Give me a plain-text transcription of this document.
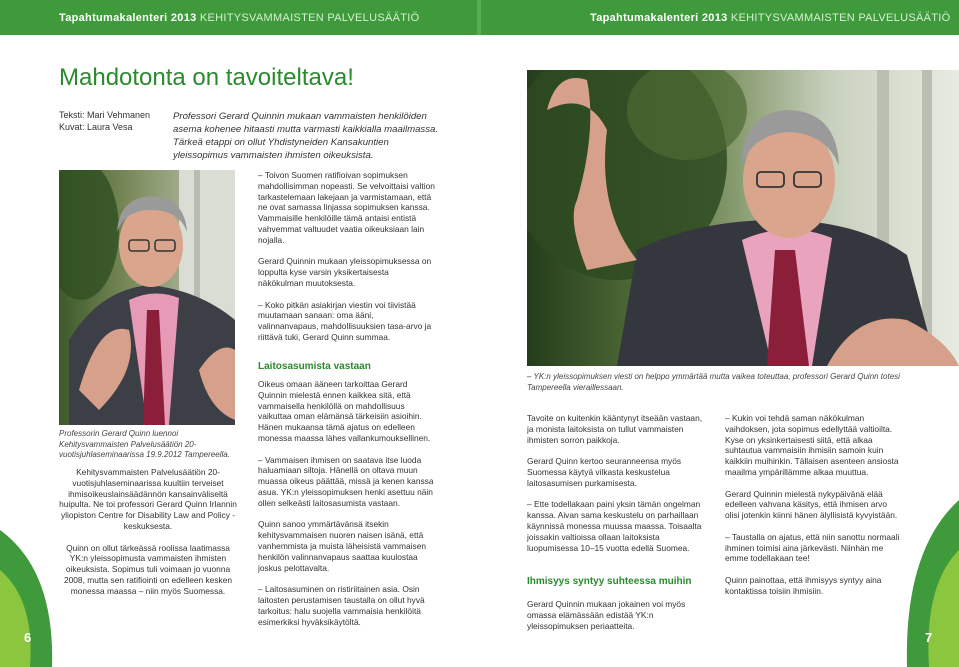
Tapahtumakalenteri 2013 KEHITYSVAMMAISTEN PALVELUSÄÄTIÖ	Tapahtumakalenteri 2013 KEHITYSVAMMAISTEN PALVELUSÄÄTIÖ
Mahdotonta on tavoiteltava!
Teksti: Mari Vehmanen
Kuvat: Laura Vesa
Professori Gerard Quinnin mukaan vammaisten henkilöiden asema kohenee hitaasti mutta varmasti kaikkialla maailmassa. Tärkeä etappi on ollut Yhdistyneiden Kansakuntien yleissopimus vammaisten ihmisten oikeuksista.
Professorin Gerard Quinn luennoi Kehitysvammaisten Palvelusäätiön 20-vuotisjuhlaseminaarissa 19.9.2012 Tampereella.

Kehitysvammaisten Palvelusäätiön 20-vuotisjuhlaseminaarissa kuultiin terveiset ihmisoikeuslainsäädännön kansainväliseltä huipulta. Ne toi professori Gerard Quinn Irlannin yliopiston Centre for Disability Law and Policy -keskuksesta.

Quinn on ollut tärkeässä roolissa laatimassa YK:n yleissopimusta vammaisten ihmisten oikeuksista. Sopimus tuli voimaan jo vuonna 2008, mutta sen ratifiointi on edelleen kesken monessa maassa – niin myös Suomessa.

– Toivon Suomen ratifioivan sopimuksen mahdollisimman nopeasti. Se velvoittaisi valtion tarkastelemaan lakejaan ja varmistamaan, että ne ovat samassa linjassa sopimuksen kanssa. Vammaisille henkilöille tämä antaisi entistä vahvemmat valtuudet vaatia oikeuksiaan lain nojalla.

Gerard Quinnin mukaan yleissopimuksessa on loppulta kyse varsin yksikertaisesta näkökulman muutoksesta.

– Koko pitkän asiakirjan viestin voi tiivistää muutamaan sanaan: oma ääni, valinnanvapaus, mahdollisuuksien tasa-arvo ja riittävä tuki, Gerard Quinn summaa.

Laitosasumista vastaan

Oikeus omaan ääneen tarkoittaa Gerard Quinnin mielestä ennen kaikkea sitä, että vammaisella henkilöllä on mahdollisuus vaikuttaa oman elämänsä tärkeisiin asioihin. Hänen mukaansa tämä ajatus on edelleen monessa maassa lähes vallankumouksellinen.

– Vammaisen ihmisen on saatava itse luoda haluamiaan siltoja. Hänellä on oltava muun muassa oikeus päättää, missä ja kenen kanssa asua. YK:n yleissopimuksen henki asettuu näin ollen selkeästi laitosasumista vastaan.

Quinn sanoo ymmärtävänsä itsekin kehitysvammaisen nuoren naisen isänä, että vanhemmista ja muista läheisistä vammaisen henkilön valinnanvapaus saattaa kuulostaa joskus pelottavalta.

– Laitosasuminen on ristiriitainen asia. Osin laitosten perustamisen taustalla on ollut hyvä tarkoitus: halu suojella vammaisia henkilöitä esimerkiksi hyväksikäytöltä.

6
– YK:n yleissopimuksen viesti on helppo ymmärtää mutta vaikea toteuttaa, professori Gerard Quinn totesi Tampereella vieraillessaan.

Tavoite on kuitenkin kääntynyt itseään vastaan, ja monista laitoksista on tullut vammaisten ihmisten sorron paikkoja.

Gerard Quinn kertoo seuranneensa myös Suomessa käytyä vilkasta keskustelua laitosasumisen purkamisesta.

– Ette todellakaan paini yksin tämän ongelman kanssa. Aivan sama keskustelu on parhaillaan käynnissä monessa muussa maassa. Toisaalta joissakin valtioissa ollaan laitoksista luopumisessa 10–15 vuotta edellä Suomea.

Ihmisyys syntyy suhteessa muihin

Gerard Quinnin mukaan jokainen voi myös omassa elämässään edistää YK:n yleissopimuksen periaatteita.

– Kukin voi tehdä saman näkökulman vaihdoksen, jota sopimus edellyttää valtioilta. Kyse on yksinkertaisesti siitä, että alkaa suhtautua vammaisiin ihmisiin samoin kuin kaikkiin muihinkin. Tällaisen asenteen ansiosta maailma ympärillämme alkaa muuttua.

Gerard Quinnin mielestä nykypäivänä elää edelleen vahvana käsitys, että ihmisen arvo olisi jotenkin kiinni hänen älyllisistä kyvyistään.

– Taustalla on ajatus, että niin sanottu normaali ihminen toimisi aina järkevästi. Niinhän me emme todellakaan tee!

Quinn painottaa, että ihmisyys syntyy aina kontaktissa toisiin ihmisiin.

7
